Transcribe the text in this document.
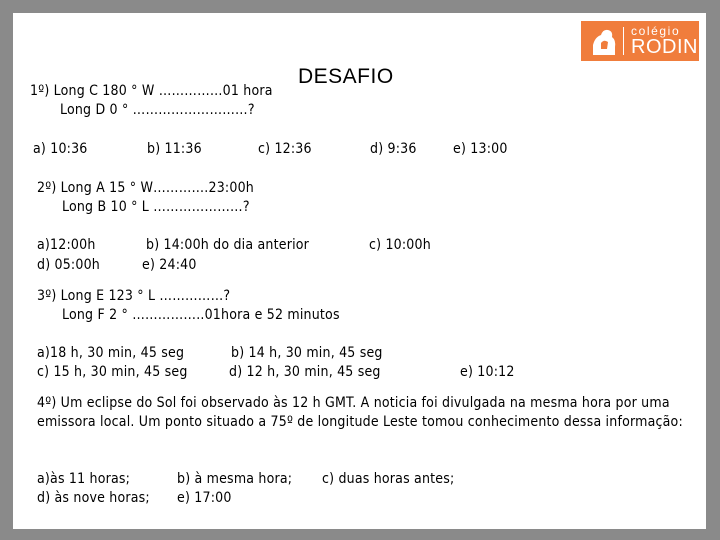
colégio
RODIN
DESAFIO
1º) Long C 180 ° W ……………01 hora
Long D 0 ° ………………………?
a) 10:36	b) 11:36	c) 12:36	d) 9:36	e) 13:00
2º) Long A 15 ° W………….23:00h
Long B 10 ° L …………………?
a)12:00h	b) 14:00h do dia anterior	c) 10:00h
d) 05:00h	e) 24:40
3º) Long E 123 ° L ……………?
Long F 2 ° ……………..01hora e 52 minutos
a)18 h, 30 min, 45 seg	b) 14 h, 30 min, 45 seg
c) 15 h, 30 min, 45 seg	d) 12 h, 30 min, 45 seg	e) 10:12
4º) Um eclipse do Sol foi observado às 12 h GMT. A noticia foi divulgada na mesma hora por uma emissora local. Um ponto situado a 75º de longitude Leste tomou conhecimento dessa informação:
a)às 11 horas;	b) à mesma hora; c) duas horas antes;
d) às nove horas; e) 17:00
